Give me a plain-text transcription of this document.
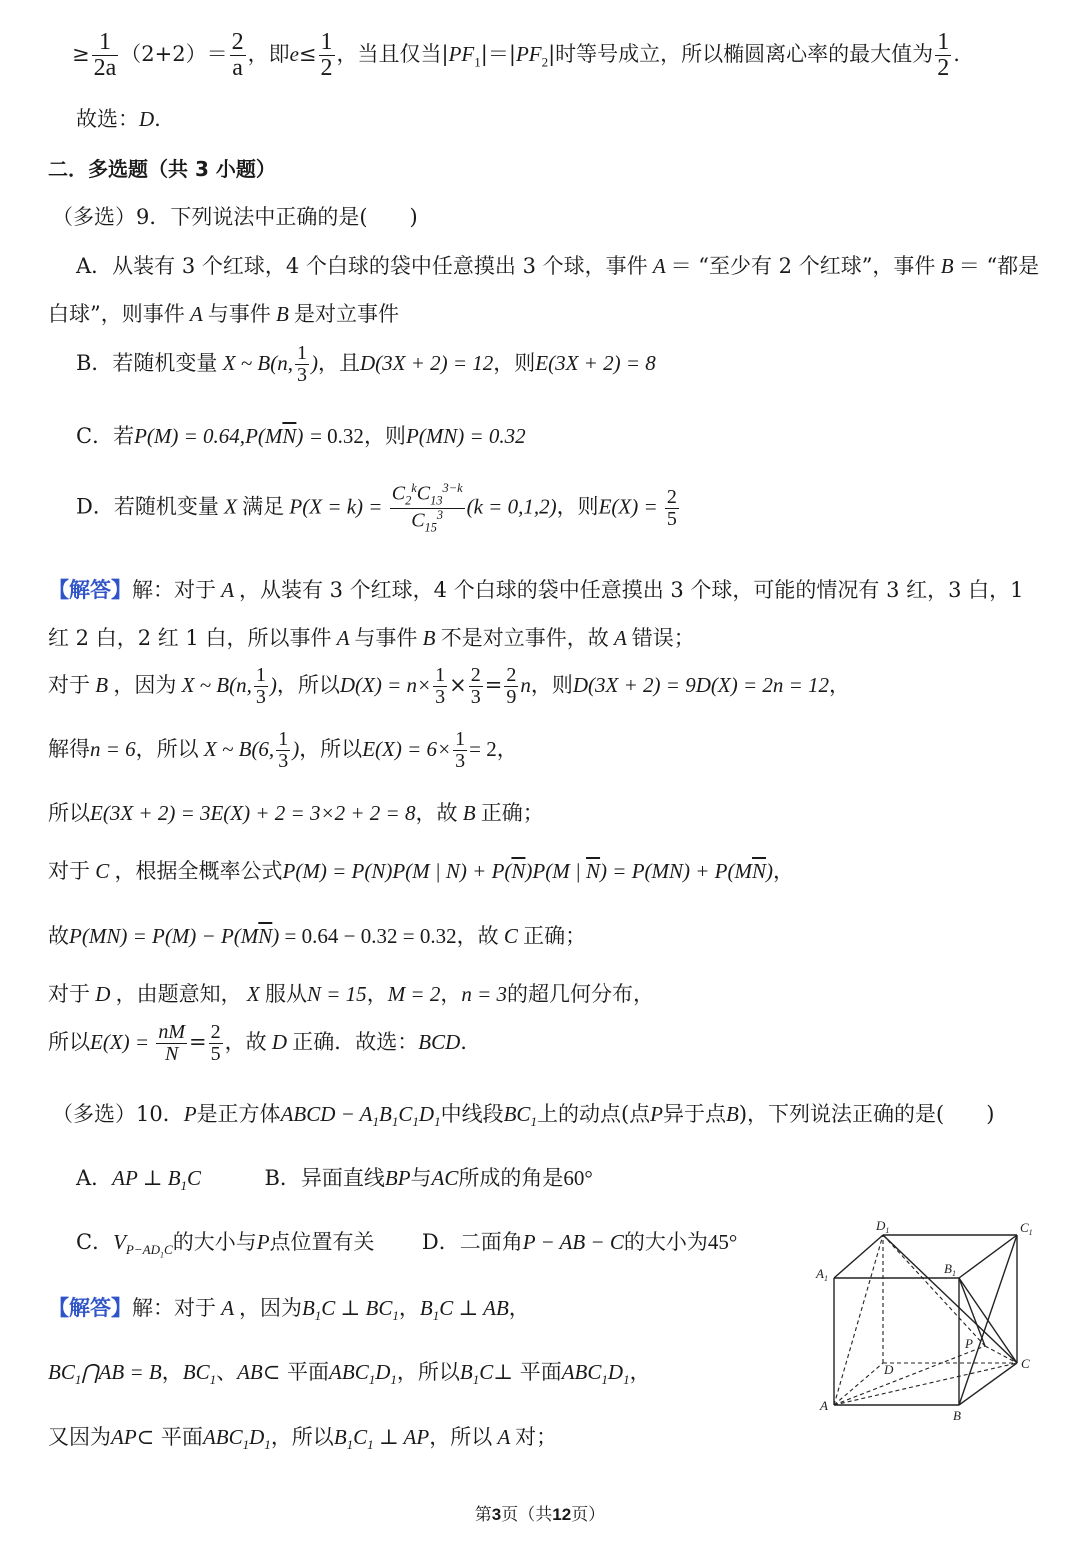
≥ $\frac{1}{2a} (2+2)= \frac{2}{a}$ ，即$e\le \frac{1}{2}$ ，当且仅当$|PF_1|=|PF_2|$时等号成立，所以椭圆离心率的最大值为 $\frac{1}{2}$ .
故选：D.
二．多选题（共 3 小题）
（多选）9．下列说法中正确的是(　　)
A．从装有 3 个红球，4 个白球的袋中任意摸出 3 个球，事件 A ＝ “至少有 2 个红球”，事件 B ＝ “都是
白球”，则事件 A 与事件 B 是对立事件
B．若随机变量 X ~ B(n, $\frac{1}{3}$ )，且D(3X + 2) = 12，则E(3X + 2) = 8
C．若$P(M) = 0.64,P(M\overline{N}) = 0.32$，则P(MN) = 0.32
D．若随机变量 X 满足 $P(X = k) = \frac{C_2^kC_{13}^{3-k}}{C_{15}^3} (k = 0,1,2)$，则$E(X) = \frac{2}{5}$
【解答】解：对于 A ，从装有 3 个红球，4 个白球的袋中任意摸出 3 个球，可能的情况有 3 红，3 白，1
红 2 白，2 红 1 白，所以事件 A 与事件 B 不是对立事件，故 A 错误；
对于 B ，因为 X ~ B(n, $\frac{1}{3}$ )，所以$D(X) = n\times \frac{1}{3} \times \frac{2}{3} = \frac{2}{9}$ n，则D(3X + 2) = 9D(X) = 2n = 12，
解得n = 6，所以 X ~ B(6, $\frac{1}{3}$ )，所以$E(X) = 6\times \frac{1}{3} = 2$，
所以E(3X + 2) = 3E(X) + 2 = 3×2 + 2 = 8，故 B 正确；
对于 C ，根据全概率公式P(M) = P(N)P(M | $N) + P(\overline{N})P(M$ | $\overline{N}) = P(MN) + P(M\overline{N})$，
故$P(MN) = P(M) - P(M\overline{N}) = 0.64 - 0.32 = 0.32$，故 C 正确；
对于 D ，由题意知， X 服从N = 15，M = 2，n = 3的超几何分布，
所以$E(X) = \frac{nM}{N} = \frac{2}{5}$ ，故 D 正确．故选：BCD.
（多选）10．P是正方体ABCD − $A_1B_1C_1D_1$中线段$BC_1$上的动点(点P异于点B)，下列说法正确的是(　　)
A．AP ⊥ $B_1C$	B．异面直线BP与AC所成的角是60°
C．$V_{P-AD_1C}$的大小与P点位置有关 D．二面角P − AB − C的大小为45°
【解答】解：对于 A ，因为$B_1C$ ⊥ $BC_1$，$B_1C$ ⊥ AB，
$BC_1⋂AB = B$，$BC_1$、AB⊂ 平面$ABC_1D_1$，所以$B_1C\perp$ 平面$ABC_1D_1$，
又因为AP⊂ 平面$ABC_1D_1$，所以$B_1C_1$ ⊥ AP，所以 A 对；
$D_1$	$C_1$
$A_1$
$B_1$
P
D	C
A
B
第3页（共12页）
